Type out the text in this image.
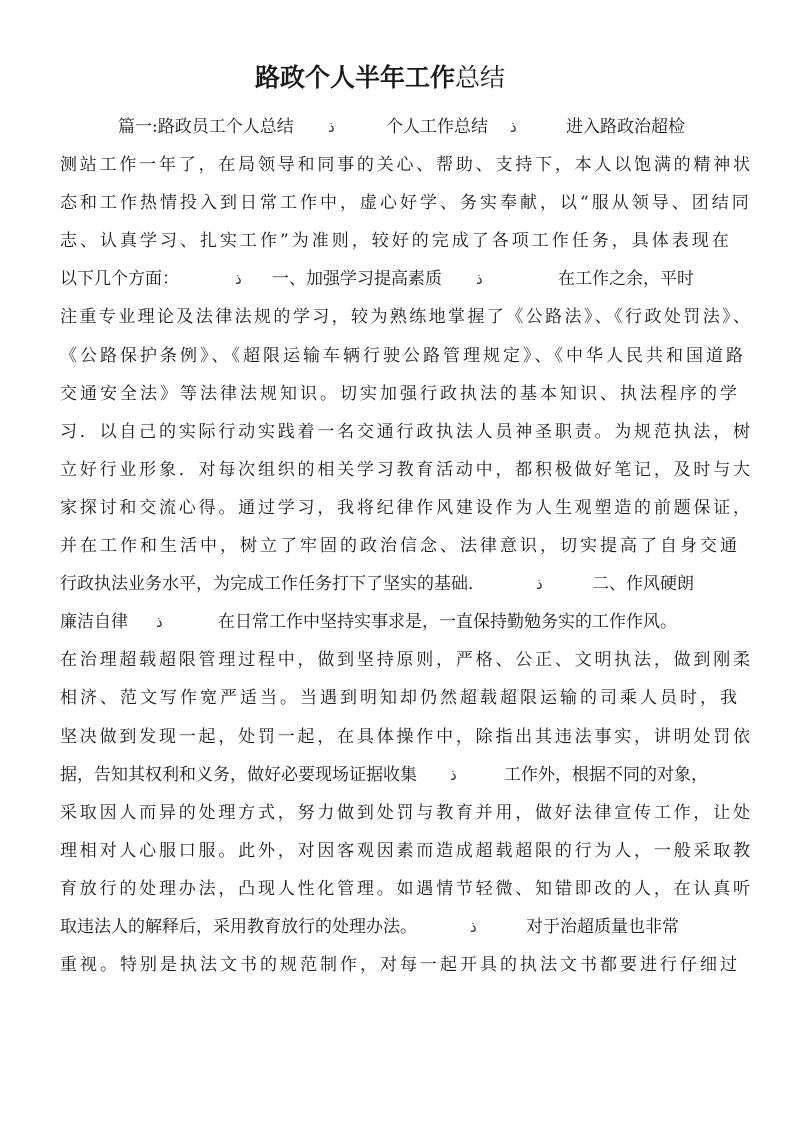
路政个人半年工作总结
篇一:路政员工个人总结 ذ	个人工作总结 ذ	进入路政治超检
测站工作一年了，在局领导和同事的关心、帮助、支持下，本人以饱满的精神状
态和工作热情投入到日常工作中，虚心好学、务实奉献，以“服从领导、团结同
志、认真学习、扎实工作”为准则，较好的完成了各项工作任务，具体表现在
以下几个方面：	ذ 一、加强学习提高素质 ذ	在工作之余，平时
注重专业理论及法律法规的学习，较为熟练地掌握了《公路法》、《行政处罚法》、
《公路保护条例》、《超限运输车辆行驶公路管理规定》、《中华人民共和国道路
交通安全法》等法律法规知识。切实加强行政执法的基本知识、执法程序的学
习．以自己的实际行动实践着一名交通行政执法人员神圣职责。为规范执法，树
立好行业形象．对每次组织的相关学习教育活动中，都积极做好笔记，及时与大
家探讨和交流心得。通过学习，我将纪律作风建设作为人生观塑造的前题保证，
并在工作和生活中，树立了牢固的政治信念、法律意识，切实提高了自身交通
行政执法业务水平，为完成工作任务打下了坚实的基础．	ذ	二、作风硬朗
廉洁自律 ذ	在日常工作中坚持实事求是，一直保持勤勉务实的工作作风。
在治理超载超限管理过程中，做到坚持原则，严格、公正、文明执法，做到刚柔
相济、范文写作宽严适当。当遇到明知却仍然超载超限运输的司乘人员时，我
坚决做到发现一起，处罚一起，在具体操作中，除指出其违法事实，讲明处罚依
据，告知其权利和义务，做好必要现场证据收集 ذ	工作外，根据不同的对象，
采取因人而异的处理方式，努力做到处罚与教育并用，做好法律宣传工作，让处
理相对人心服口服。此外，对因客观因素而造成超载超限的行为人，一般采取教
育放行的处理办法，凸现人性化管理。如遇情节轻微、知错即改的人，在认真听
取违法人的解释后，采用教育放行的处理办法。	ذ	对于治超质量也非常
重视。特别是执法文书的规范制作，对每一起开具的执法文书都要进行仔细过
